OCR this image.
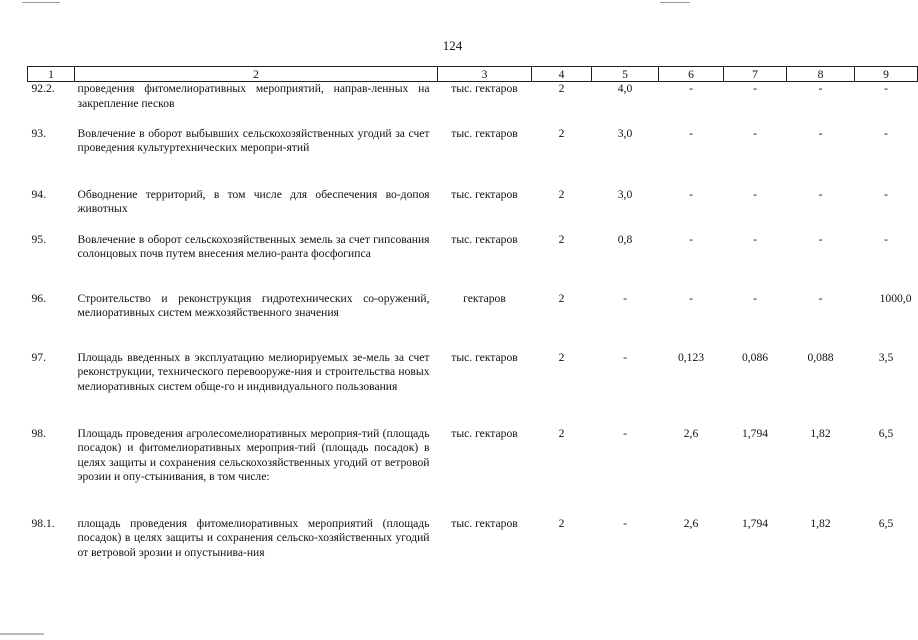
124
1	2	3	4	5	6	7	8	9
92.2.	проведения фитомелиоративных мероприятий, направ-ленных на закрепление песков	тыс. гектаров	2	4,0	-	-	-	-
93.	Вовлечение в оборот выбывших сельскохозяйственных угодий за счет проведения культуртехнических меропри-ятий	тыс. гектаров	2	3,0	-	-	-	-
94.	Обводнение территорий, в том числе для обеспечения во-допоя животных	тыс. гектаров	2	3,0	-	-	-	-
95.	Вовлечение в оборот сельскохозяйственных земель за счет гипсования солонцовых почв путем внесения мелио-ранта фосфогипса	тыс. гектаров	2	0,8	-	-	-	-
96.	Строительство и реконструкция гидротехнических со-оружений, мелиоративных систем межхозяйственного значения	гектаров	2	-	-	-	-	1000,0
97.	Площадь введенных в эксплуатацию мелиорируемых зе-мель за счет реконструкции, технического перевооруже-ния и строительства новых мелиоративных систем обще-го и индивидуального пользования	тыс. гектаров	2	-	0,123	0,086	0,088	3,5
98.	Площадь проведения агролесомелиоративных мероприя-тий (площадь посадок) и фитомелиоративных мероприя-тий (площадь посадок) в целях защиты и сохранения сельскохозяйственных угодий от ветровой эрозии и опу-стынивания, в том числе:	тыс. гектаров	2	-	2,6	1,794	1,82	6,5
98.1.	площадь проведения фитомелиоративных мероприятий (площадь посадок) в целях защиты и сохранения сельско-хозяйственных угодий от ветровой эрозии и опустынива-ния	тыс. гектаров	2	-	2,6	1,794	1,82	6,5
